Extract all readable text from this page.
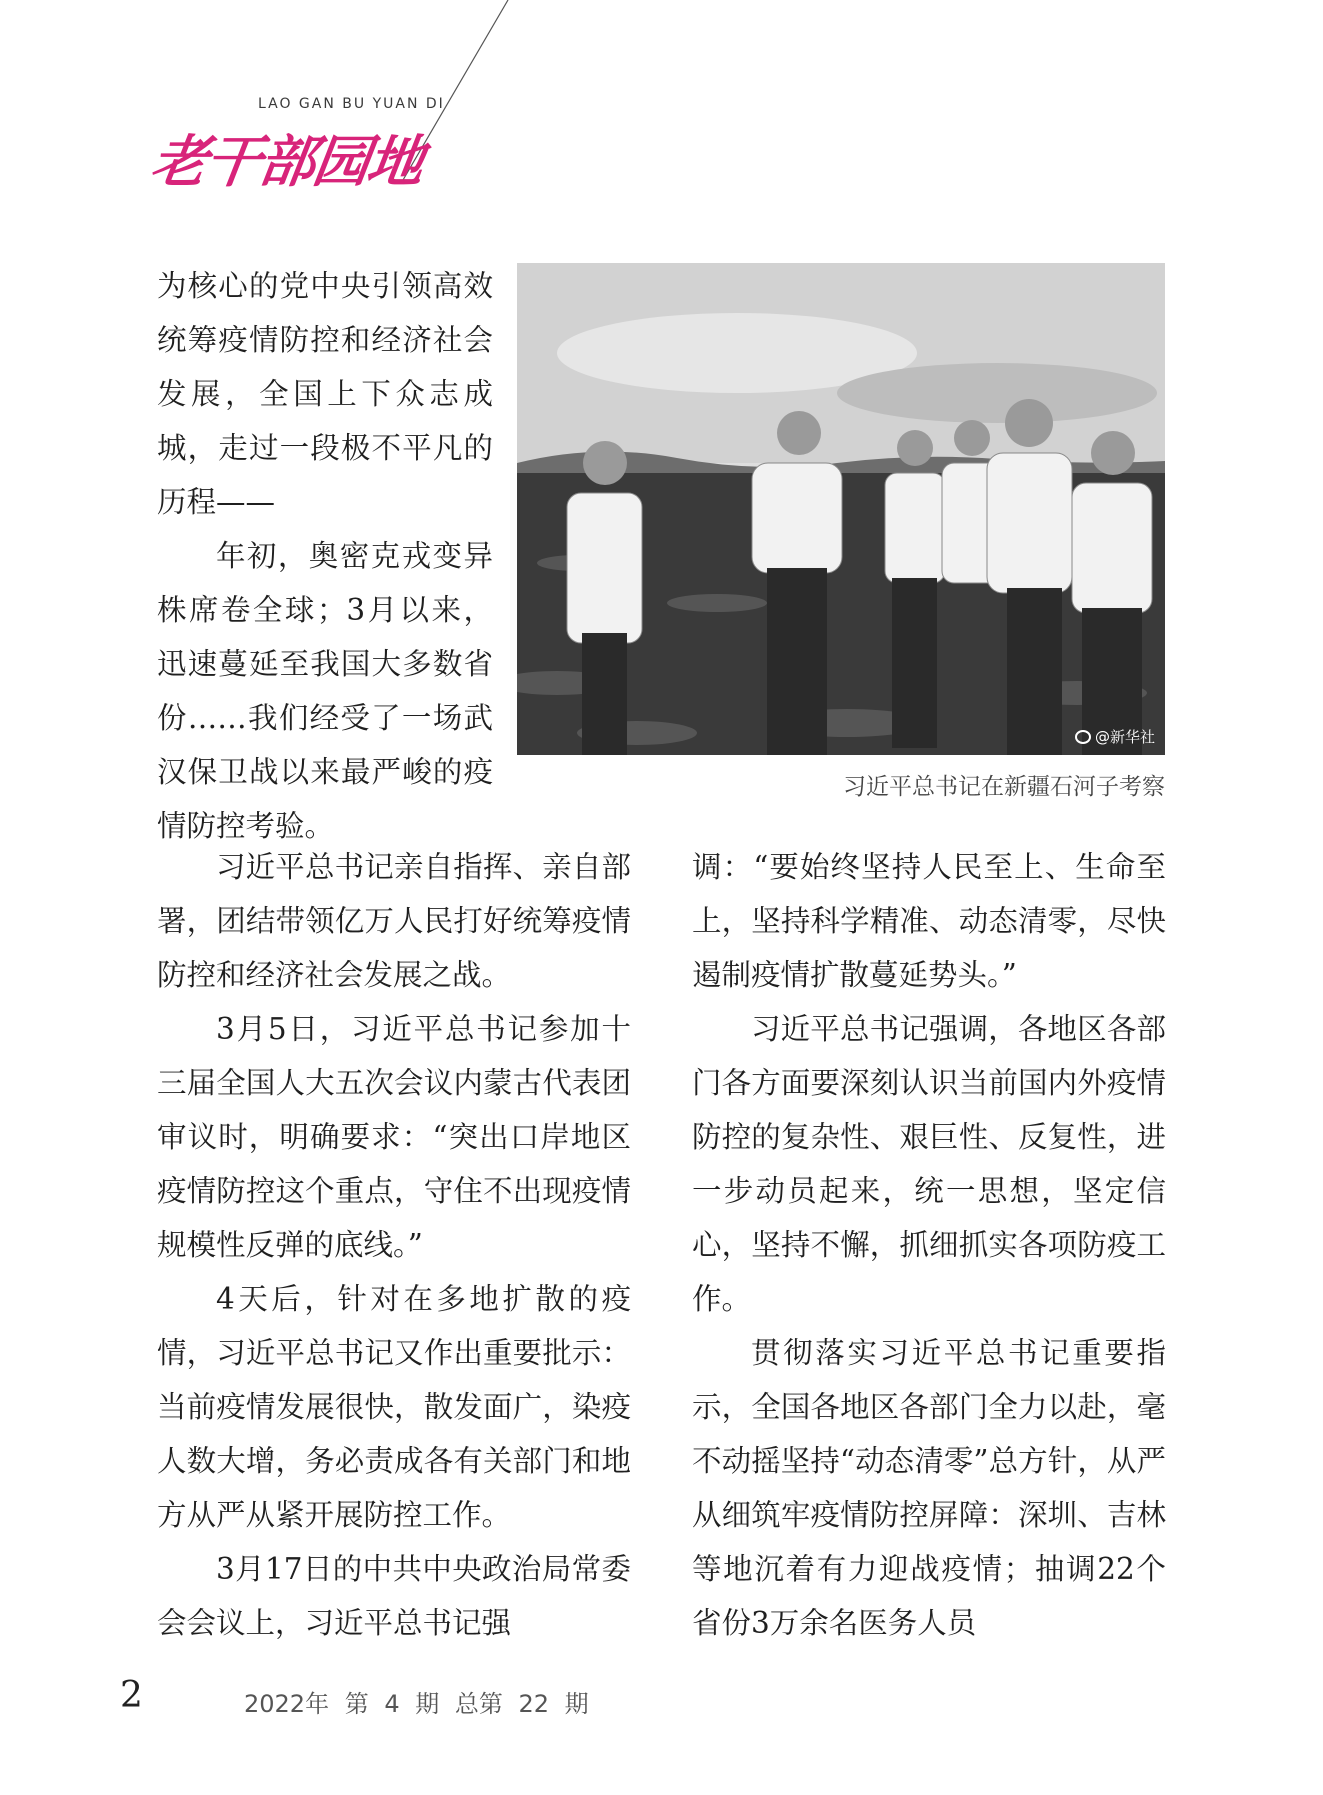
LAO GAN BU YUAN DI
老干部园地

为核心的党中央引领高效统筹疫情防控和经济社会发展，全国上下众志成城，走过一段极不平凡的历程——

年初，奥密克戎变异株席卷全球；3月以来，迅速蔓延至我国大多数省份……我们经受了一场武汉保卫战以来最严峻的疫情防控考验。

@新华社
习近平总书记在新疆石河子考察

习近平总书记亲自指挥、亲自部署，团结带领亿万人民打好统筹疫情防控和经济社会发展之战。

3月5日，习近平总书记参加十三届全国人大五次会议内蒙古代表团审议时，明确要求：“突出口岸地区疫情防控这个重点，守住不出现疫情规模性反弹的底线。”

4天后，针对在多地扩散的疫情，习近平总书记又作出重要批示：当前疫情发展很快，散发面广，染疫人数大增，务必责成各有关部门和地方从严从紧开展防控工作。

3月17日的中共中央政治局常委会会议上，习近平总书记强

调：“要始终坚持人民至上、生命至上，坚持科学精准、动态清零，尽快遏制疫情扩散蔓延势头。”

习近平总书记强调，各地区各部门各方面要深刻认识当前国内外疫情防控的复杂性、艰巨性、反复性，进一步动员起来，统一思想，坚定信心，坚持不懈，抓细抓实各项防疫工作。

贯彻落实习近平总书记重要指示，全国各地区各部门全力以赴，毫不动摇坚持“动态清零”总方针，从严从细筑牢疫情防控屏障：深圳、吉林等地沉着有力迎战疫情；抽调22个省份3万余名医务人员

2	2022年 第 4 期 总第 22 期
